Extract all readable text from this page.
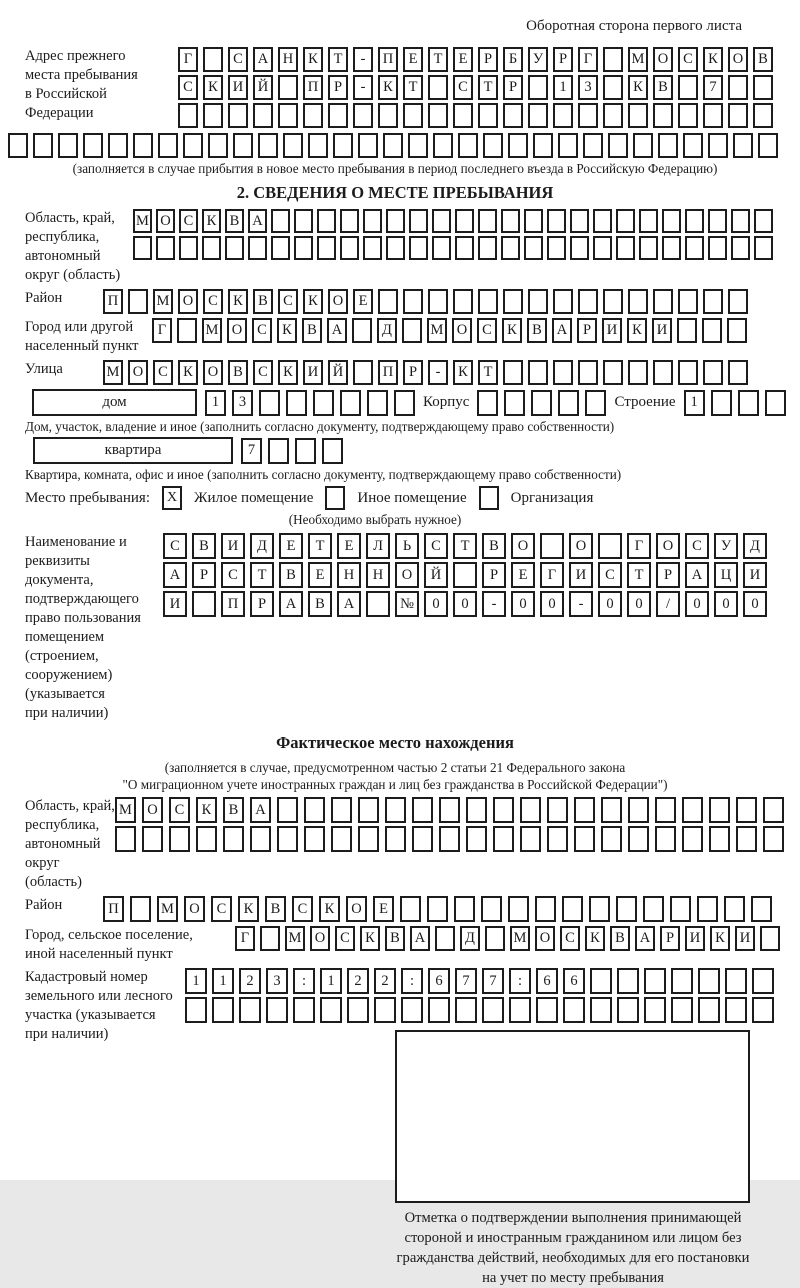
Оборотная сторона первого листа
Адрес прежнего
места пребывания
в Российской
Федерации
Г	С	А	Н	К	Т	-	П	Е	Т	Е	Р	Б	У	Р	Г	М О	С	К	О	В
С	К	И	Й	П	Р	-	К	Т	С	Т	Р	1	3	К	В	7
(заполняется в случае прибытия в новое место пребывания в период последнего въезда в Российскую Федерацию)
2. СВЕДЕНИЯ О МЕСТЕ ПРЕБЫВАНИЯ
Область, край,
республика,
автономный
округ (область)
М О С К В А
Район	П	М О	С	К	В	С	К	О	Е
Город или другой
населенный пункт
Г	М О	С	К	В	А	Д	М О	С	К	В	А	Р	И	К	И
Улица	М О	С	К	О	В	С	К	И	Й	П	Р	-	К	Т
дом	1	3	Корпус	Строение	1
Дом, участок, владение и иное (заполнить согласно документу, подтверждающему право собственности)
квартира	7
Квартира, комната, офис и иное (заполнить согласно документу, подтверждающему право собственности)
Место пребывания:	X	Жилое помещение	Иное помещение	Организация
(Необходимо выбрать нужное)
Наименование и реквизиты
документа, подтверждающего
право пользования
помещением (строением,
сооружением) (указывается
при наличии)
С	В	И	Д	Е	Т	Е	Л	Ь	С	Т	В	О	О	Г	О	С	У	Д
А	Р	С	Т	В	Е	Н	Н	О	Й	Р	Е	Г	И	С	Т	Р	А	Ц	И
И	П	Р	А	В	А	№	0	0	-	0	0	-	0	0	/	0	0	0
Фактическое место нахождения
(заполняется в случае, предусмотренном частью 2 статьи 21 Федерального закона
"О миграционном учете иностранных граждан и лиц без гражданства в Российской Федерации")
Область, край,
республика,
автономный округ
(область)
М	О	С	К	В	А
Район	П	М	О	С	К	В	С	К	О	Е
Город, сельское поселение,
иной населенный пункт
Г	М О	С	К	В	А	Д	М О	С	К	В	А	Р	И	К	И
Кадастровый номер
земельного или лесного
участка (указывается
при наличии)
1	1	2	3	:	1	2	2	:	6	7	7	:	6	6
Отметка о подтверждении выполнения принимающей
стороной и иностранным гражданином или лицом без
гражданства действий, необходимых для его постановки
на учет по месту пребывания
